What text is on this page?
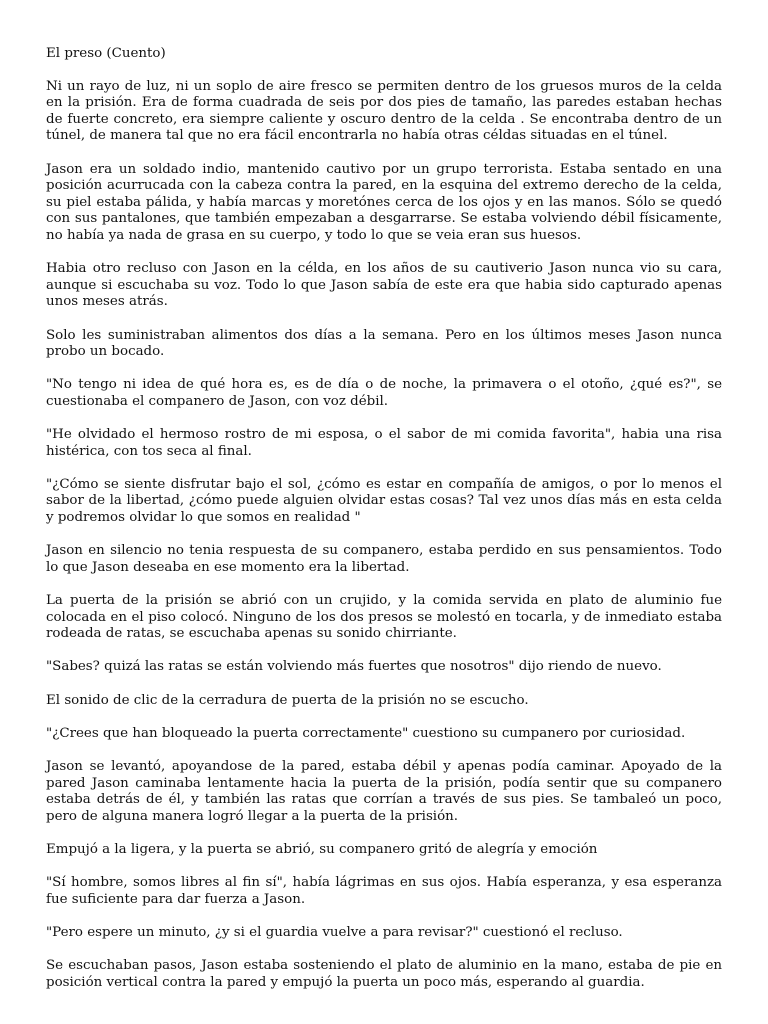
El preso (Cuento)

Ni un rayo de luz, ni un soplo de aire fresco se permiten dentro de los gruesos muros de la celda en la prisión. Era de forma cuadrada de seis por dos pies de tamaño, las paredes estaban hechas de fuerte concreto, era siempre caliente y oscuro dentro de la celda . Se encontraba dentro de un túnel, de manera tal que no era fácil encontrarla no había otras céldas situadas en el túnel.

Jason era un soldado indio, mantenido cautivo por un grupo terrorista. Estaba sentado en una posición acurrucada con la cabeza contra la pared, en la esquina del extremo derecho de la celda, su piel estaba pálida, y había marcas y moretónes cerca de los ojos y en las manos. Sólo se quedó con sus pantalones, que también empezaban a desgarrarse. Se estaba volviendo débil físicamente, no había ya nada de grasa en su cuerpo, y todo lo que se veia eran sus huesos.

Habia otro recluso con Jason en la célda, en los años de su cautiverio Jason nunca vio su cara, aunque si escuchaba su voz. Todo lo que Jason sabía de este era que habia sido capturado apenas unos meses atrás.

Solo les suministraban alimentos dos días a la semana. Pero en los últimos meses Jason nunca probo un bocado.

"No tengo ni idea de qué hora es, es de día o de noche, la primavera o el otoño, ¿qué es?", se cuestionaba el companero de Jason, con voz débil.

"He olvidado el hermoso rostro de mi esposa, o el sabor de mi comida favorita", habia una risa histérica, con tos seca al final.

"¿Cómo se siente disfrutar bajo el sol, ¿cómo es estar en compañía de amigos, o por lo menos el sabor de la libertad, ¿cómo puede alguien olvidar estas cosas? Tal vez unos días más en esta celda y podremos olvidar lo que somos en realidad "

Jason en silencio no tenia respuesta de su companero, estaba perdido en sus pensamientos. Todo lo que Jason deseaba en ese momento era la libertad.

La puerta de la prisión se abrió con un crujido, y la comida servida en plato de aluminio fue colocada en el piso colocó. Ninguno de los dos presos se molestó en tocarla, y de inmediato estaba rodeada de ratas, se escuchaba apenas su sonido chirriante.

"Sabes? quizá las ratas se están volviendo más fuertes que nosotros" dijo riendo de nuevo.

El sonido de clic de la cerradura de puerta de la prisión no se escucho.

"¿Crees que han bloqueado la puerta correctamente" cuestiono su cumpanero por curiosidad.

Jason se levantó, apoyandose de la pared, estaba débil y apenas podía caminar. Apoyado de la pared Jason caminaba lentamente hacia la puerta de la prisión, podía sentir que su companero estaba detrás de él, y también las ratas que corrían a través de sus pies. Se tambaleó un poco, pero de alguna manera logró llegar a la puerta de la prisión.

Empujó a la ligera, y la puerta se abrió, su companero gritó de alegría y emoción

"Sí hombre, somos libres al fin sí", había lágrimas en sus ojos. Había esperanza, y esa esperanza fue suficiente para dar fuerza a Jason.

"Pero espere un minuto, ¿y si el guardia vuelve a para revisar?" cuestionó el recluso.

Se escuchaban pasos, Jason estaba sosteniendo el plato de aluminio en la mano, estaba de pie en posición vertical contra la pared y empujó la puerta un poco más, esperando al guardia.
